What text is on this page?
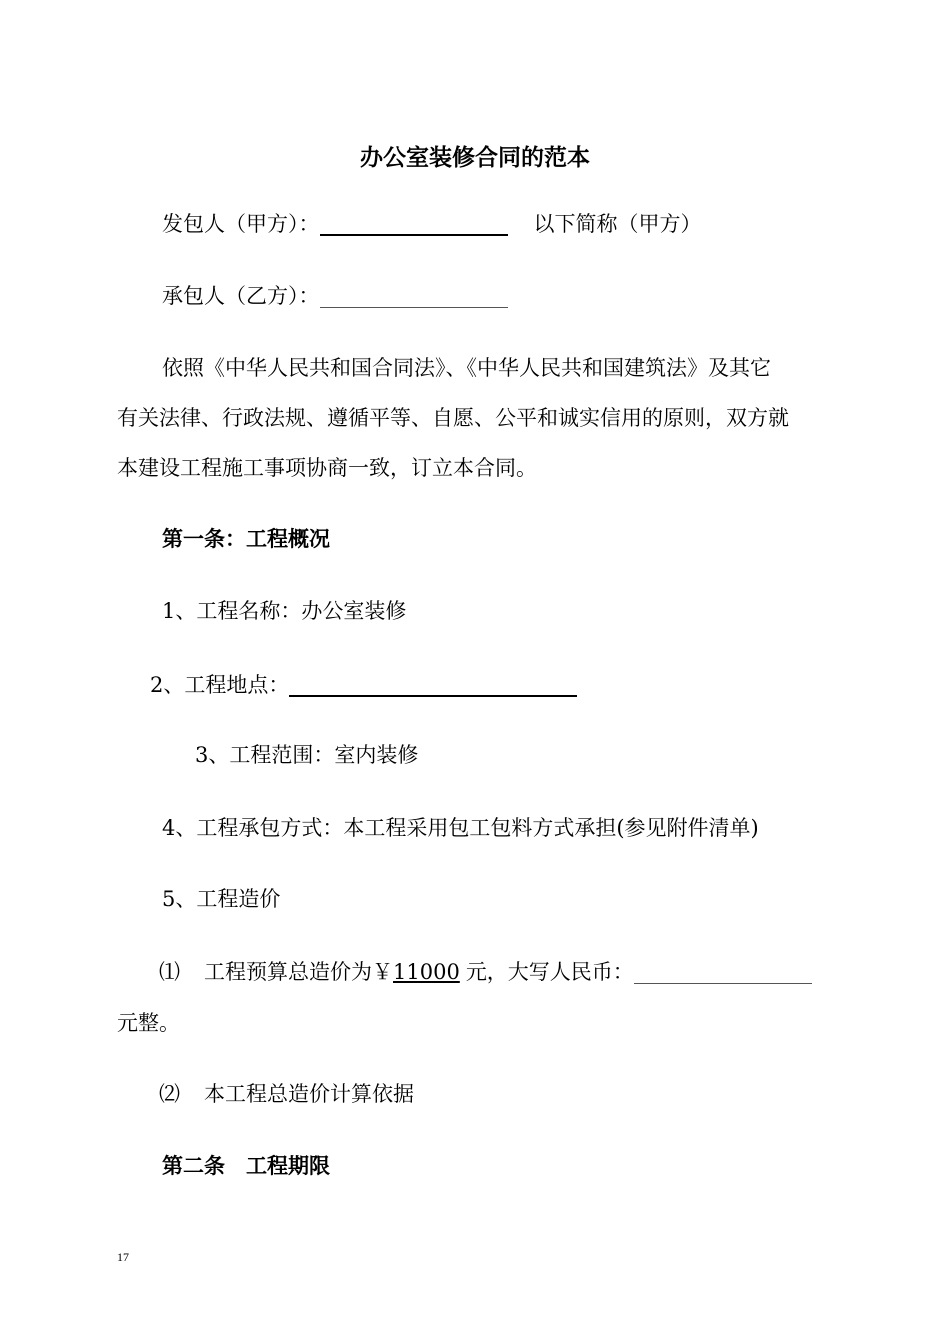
办公室装修合同的范本
发包人（甲方）：	以下简称（甲方）
承包人（乙方）：
依照《中华人民共和国合同法》、《中华人民共和国建筑法》及其它
有关法律、行政法规、遵循平等、自愿、公平和诚实信用的原则，双方就
本建设工程施工事项协商一致，订立本合同。
第一条：工程概况
1、工程名称：办公室装修
2、工程地点：
3、工程范围：室内装修
4、工程承包方式：本工程采用包工包料方式承担(参见附件清单)
5、工程造价
⑴ 工程预算总造价为￥11000 元，大写人民币：
元整。
⑵ 本工程总造价计算依据
第二条　工程期限
17
